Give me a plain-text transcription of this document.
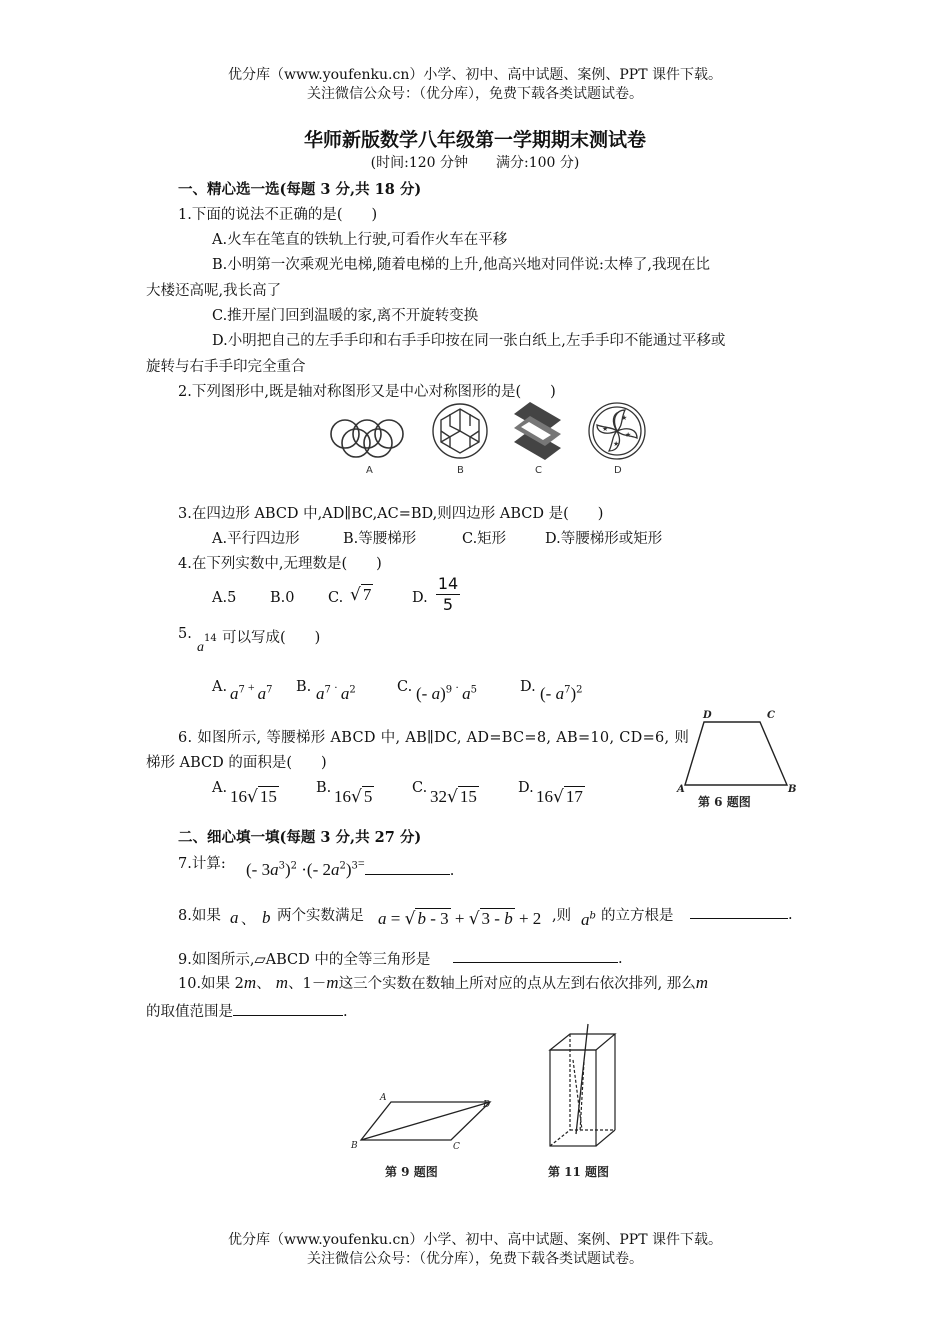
优分库（www.youfenku.cn）小学、初中、高中试题、案例、PPT 课件下载。
关注微信公众号：（优分库），免费下载各类试题试卷。
华师新版数学八年级第一学期期末测试卷
(时间:120 分钟　　满分:100 分)
一、精心选一选(每题 3 分,共 18 分)
1.下面的说法不正确的是(　　)
A.火车在笔直的铁轨上行驶,可看作火车在平移
B.小明第一次乘观光电梯,随着电梯的上升,他高兴地对同伴说:太棒了,我现在比
大楼还高呢,我长高了
C.推开屋门回到温暖的家,离不开旋转变换
D.小明把自己的左手手印和右手手印按在同一张白纸上,左手手印不能通过平移或
旋转与右手手印完全重合
2.下列图形中,既是轴对称图形又是中心对称图形的是(　　)
★
★
★
★
A	B	C	D
3.在四边形 ABCD 中,AD∥BC,AC=BD,则四边形 ABCD 是(　　)
A.平行四边形	B.等腰梯形	C.矩形	D.等腰梯形或矩形
4.在下列实数中,无理数是(　　)
A.5 B.0 C. √ 7	D. $\frac{14}{5}$
5.
$a^{14}$ 可以写成(　　)
A. $a^7$ + $a^7$ B. $a^7$ · $a^2$	C. (- a)$^9$ · $a^5$	D. (- $a^7)^2$
6. 如图所示, 等腰梯形 ABCD 中, AB∥DC, AD=BC=8, AB=10, CD=6, 则
梯形 ABCD 的面积是(　　)
A. 16√ 15	B. 16√ 5	C. 32√ 15	D. 16√ 17
D	C
A	B
第 6 题图
二、细心填一填(每题 3 分,共 27 分)
7.计算: (- $3a^3)^2$ ·(- $2a^2)^{3=}$	.
8.如果 a 、 b 两个实数满足 a = √ b - 3 + √ 3 - b + 2 ,则 $a^b$ 的立方根是	.
9.如图所示,▱ABCD 中的全等三角形是	.
10.如果 2m、 m、1－m这三个实数在数轴上所对应的点从左到右依次排列, 那么m
的取值范围是	.
A
D
B	C
第 9 题图	第 11 题图
优分库（www.youfenku.cn）小学、初中、高中试题、案例、PPT 课件下载。
关注微信公众号：（优分库），免费下载各类试题试卷。
